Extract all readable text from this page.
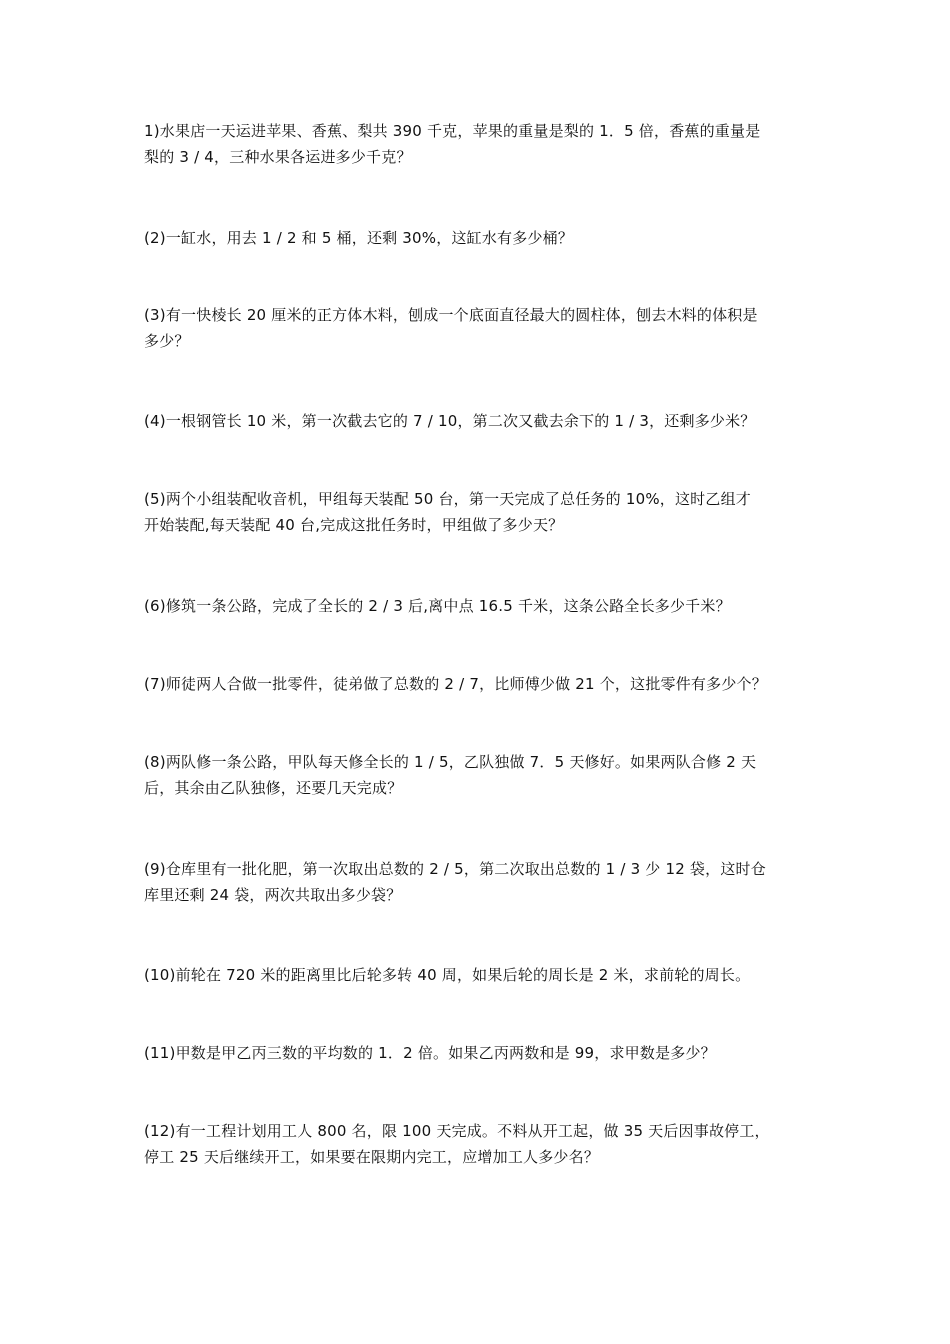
1)水果店一天运进苹果、香蕉、梨共 390 千克，苹果的重量是梨的 1．5 倍，香蕉的重量是
梨的 3 / 4，三种水果各运进多少千克？
(2)一缸水，用去 1 / 2 和 5 桶，还剩 30%，这缸水有多少桶？
(3)有一快棱长 20 厘米的正方体木料，刨成一个底面直径最大的圆柱体，刨去木料的体积是
多少？
(4)一根钢管长 10 米，第一次截去它的 7 / 10，第二次又截去余下的 1 / 3，还剩多少米？
(5)两个小组装配收音机，甲组每天装配 50 台，第一天完成了总任务的 10%，这时乙组才
开始装配,每天装配 40 台,完成这批任务时，甲组做了多少天？
(6)修筑一条公路，完成了全长的 2 / 3 后,离中点 16.5 千米，这条公路全长多少千米？
(7)师徒两人合做一批零件，徒弟做了总数的 2 / 7，比师傅少做 21 个，这批零件有多少个？
(8)两队修一条公路，甲队每天修全长的 1 / 5，乙队独做 7．5 天修好。如果两队合修 2 天
后，其余由乙队独修，还要几天完成？
(9)仓库里有一批化肥，第一次取出总数的 2 / 5，第二次取出总数的 1 / 3 少 12 袋，这时仓
库里还剩 24 袋，两次共取出多少袋？
(10)前轮在 720 米的距离里比后轮多转 40 周，如果后轮的周长是 2 米，求前轮的周长。
(11)甲数是甲乙丙三数的平均数的 1．2 倍。如果乙丙两数和是 99，求甲数是多少？
(12)有一工程计划用工人 800 名，限 100 天完成。不料从开工起，做 35 天后因事故停工，
停工 25 天后继续开工，如果要在限期内完工，应增加工人多少名？
